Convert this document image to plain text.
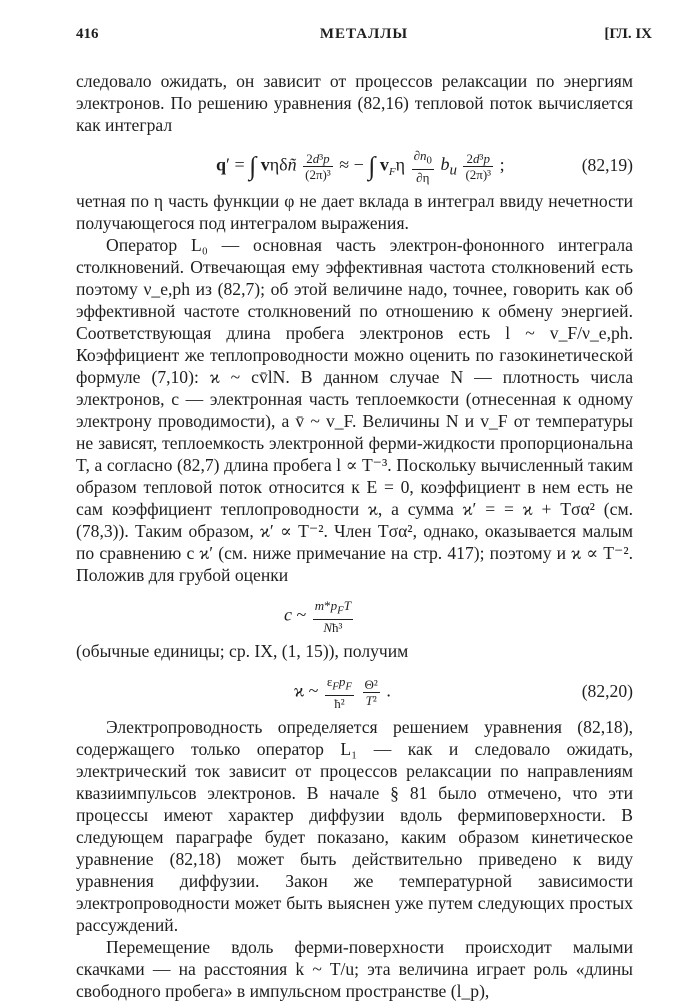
416	МЕТАЛЛЫ	[ГЛ. IX

следовало ожидать, он зависит от процессов релаксации по энергиям электронов. По решению уравнения (82,16) тепловой поток вычисляется как интеграл

q′ = ∫ vηδñ $\frac{\text{2d³p}}{\text{(2π)³}}$ ≈ − ∫ $v_F\eta \frac{\partial n_0}{\partial\eta} b_u \frac{\text{2d³p}}{\text{(2π)³}}$ ;	(82,19)

четная по η часть функции φ не дает вклада в интеграл ввиду нечетности получающегося под интегралом выражения.

Оператор L₀ — основная часть электрон-фононного интеграла столкновений. Отвечающая ему эффективная частота столкновений есть поэтому ν_e,ph из (82,7); об этой величине надо, точнее, говорить как об эффективной частоте столкновений по отношению к обмену энергией. Соответствующая длина пробега электронов есть l ~ v_F/ν_e,ph. Коэффициент же теплопроводности можно оценить по газокинетической формуле (7,10): ϰ ~ cv̄lN. В данном случае N — плотность числа электронов, c — электронная часть теплоемкости (отнесенная к одному электрону проводимости), а v̄ ~ v_F. Величины N и v_F от температуры не зависят, теплоемкость электронной ферми-жидкости пропорциональна T, а согласно (82,7) длина пробега l ∝ T⁻³. Поскольку вычисленный таким образом тепловой поток относится к E = 0, коэффициент в нем есть не сам коэффициент теплопроводности ϰ, а сумма ϰ′ = = ϰ + Tσα² (см. (78,3)). Таким образом, ϰ′ ∝ T⁻². Член Tσα², однако, оказывается малым по сравнению с ϰ′ (см. ниже примечание на стр. 417); поэтому и ϰ ∝ T⁻². Положив для грубой оценки

c ~ $\frac{m*p_FT}{\text{Nħ³}}$

(обычные единицы; ср. IX, (1, 15)), получим

ϰ ~ $\frac{\varepsilon_Fp_F}{\text{ħ²}}$
$\frac{\text{Θ²}}{\text{T²}}$ .	(82,20)

Электропроводность определяется решением уравнения (82,18), содержащего только оператор L₁ — как и следовало ожидать, электрический ток зависит от процессов релаксации по направлениям квазиимпульсов электронов. В начале § 81 было отмечено, что эти процессы имеют характер диффузии вдоль фермиповерхности. В следующем параграфе будет показано, каким образом кинетическое уравнение (82,18) может быть действительно приведено к виду уравнения диффузии. Закон же температурной зависимости электропроводности может быть выяснен уже путем следующих простых рассуждений.

Перемещение вдоль ферми-поверхности происходит малыми скачками — на расстояния k ~ T/u; эта величина играет роль «длины свободного пробега» в импульсном пространстве (l_p),
